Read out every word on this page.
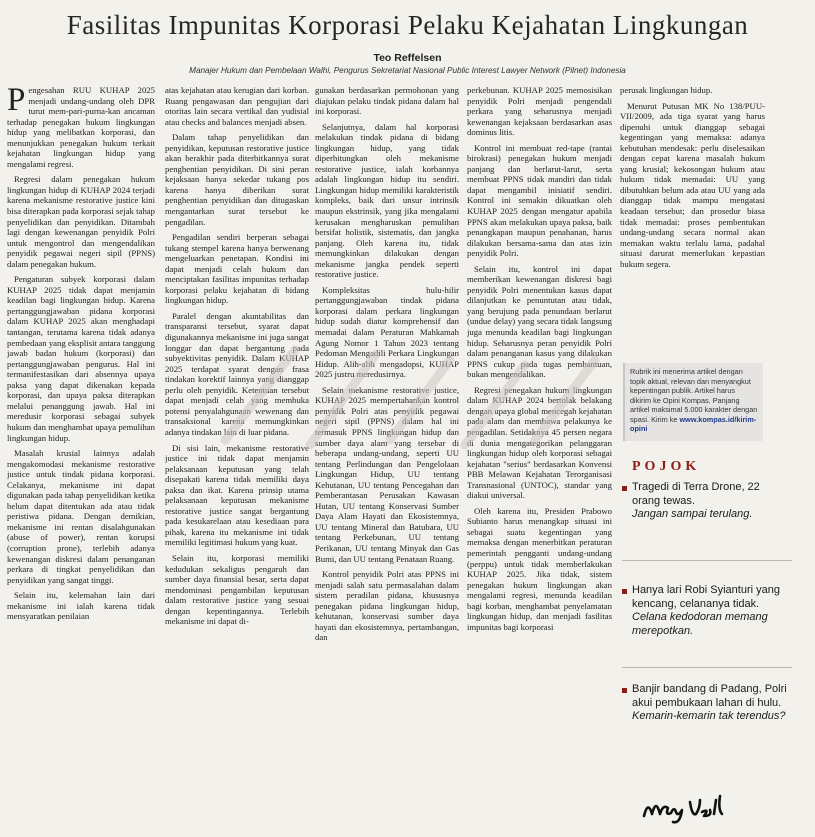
Fasilitas Impunitas Korporasi Pelaku Kejahatan Lingkungan
Teo Reffelsen
Manajer Hukum dan Pembelaan Walhi, Pengurus Sekretariat Nasional Public Interest Lawyer Network (Pilnet) Indonesia

Pengesahan RUU KUHAP 2025 menjadi undang-undang oleh DPR turut mem-pari-purna-kan ancaman terhadap penegakan hukum lingkungan hidup yang melibatkan korporasi, dan menunjukkan penegakan hukum terkait kejahatan lingkungan hidup yang mengalami regresi.

Regresi dalam penegakan hukum lingkungan hidup di KUHAP 2024 terjadi karena mekanisme restorative justice kini bisa diterapkan pada korporasi sejak tahap penyelidikan dan penyidikan. Ditambah lagi dengan kewenangan penyidik Polri untuk mengontrol dan mengendalikan penyidik pegawai negeri sipil (PPNS) dalam penegakan hukum.

Pengaturan subyek korporasi dalam KUHAP 2025 tidak dapat menjamin keadilan bagi lingkungan hidup. Karena pertanggungjawaban pidana korporasi dalam KUHAP 2025 akan menghadapi tantangan, terutama karena tidak adanya pembedaan yang eksplisit antara tanggung jawab badan hukum (korporasi) dan pertanggungjawaban pengurus. Hal ini termanifestasikan dari absennya upaya paksa yang dapat dikenakan kepada korporasi, dan upaya paksa diterapkan melalui penanggung jawab. Hal ini meredusir korporasi sebagai subyek hukum dan menghambat upaya pemulihan lingkungan hidup.

Masalah krusial lainnya adalah mengakomodasi mekanisme restorative justice untuk tindak pidana korporasi. Celakanya, mekanisme ini dapat digunakan pada tahap penyelidikan ketika belum dapat ditentukan ada atau tidak peristiwa pidana. Dengan demikian, mekanisme ini rentan disalahgunakan (abuse of power), rentan korupsi (corruption prone), terlebih adanya kewenangan diskresi dalam penanganan perkara di tingkat penyelidikan dan penyidikan yang sangat tinggi.

Selain itu, kelemahan lain dari mekanisme ini ialah karena tidak mensyaratkan penilaian

atas kejahatan atau kerugian dari korban. Ruang pengawasan dan pengujian dari otoritas lain secara vertikal dan yudisial atau checks and balances menjadi absen.

Dalam tahap penyelidikan dan penyidikan, keputusan restorative justice akan berakhir pada diterbitkannya surat penghentian penyidikan. Di sini peran kejaksaan hanya sekedar tukang pos karena hanya diberikan surat penghentian penyidikan dan ditugaskan mengantarkan surat tersebut ke pengadilan.

Pengadilan sendiri berperan sebagai tukang stempel karena hanya berwenang mengeluarkan penetapan. Kondisi ini dapat menjadi celah hukum dan menciptakan fasilitas impunitas terhadap korporasi pelaku kejahatan di bidang lingkungan hidup.

Paralel dengan akuntabilitas dan transparansi tersebut, syarat dapat digunakannya mekanisme ini juga sangat longgar dan dapat bergantung pada subyektivitas penyidik. Dalam KUHAP 2025 terdapat syarat dengan frasa tindakan korektif lainnya yang dianggap perlu oleh penyidik. Ketentuan tersebut dapat menjadi celah yang membuka potensi penyalahgunaan wewenang dan transaksional karena memungkinkan adanya tindakan lain di luar pidana.

Di sisi lain, mekanisme restorative justice ini tidak dapat menjamin pelaksanaan keputusan yang telah disepakati karena tidak memiliki daya paksa dan ikat. Karena prinsip utama pelaksanaan keputusan mekanisme restorative justice sangat bergantung pada kesukarelaan atau kesediaan para pihak, karena itu mekanisme ini tidak memiliki legitimasi hukum yang kuat.

Selain itu, korporasi memiliki kedudukan sekaligus pengaruh dan sumber daya finansial besar, serta dapat mendominasi pengambilan keputusan dalam restorative justice yang sesuai dengan kepentingannya. Terlebih mekanisme ini dapat di-

gunakan berdasarkan permohonan yang diajukan pelaku tindak pidana dalam hal ini korporasi.

Selanjutnya, dalam hal korporasi melakukan tindak pidana di bidang lingkungan hidup, yang tidak diperhitungkan oleh mekanisme restorative justice, ialah korbannya adalah lingkungan hidup itu sendiri. Lingkungan hidup memiliki karakteristik kompleks, baik dari unsur intrinsik maupun ekstrinsik, yang jika mengalami kerusakan mengharuskan pemulihan bersifat holistik, sistematis, dan jangka panjang. Oleh karena itu, tidak memungkinkan dilakukan dengan mekanisme jangka pendek seperti restorative justice.

Kompleksitas hulu-hilir pertanggungjawaban tindak pidana korporasi dalam perkara lingkungan hidup sudah diatur komprehensif dan memadai dalam Peraturan Mahkamah Agung Nomor 1 Tahun 2023 tentang Pedoman Mengadili Perkara Lingkungan Hidup. Alih-alih mengadopsi, KUHAP 2025 justru meredusirnya.

Selain mekanisme restorative justice, KUHAP 2025 mempertahankan kontrol penyidik Polri atas penyidik pegawai negeri sipil (PPNS) dalam hal ini termasuk PPNS lingkungan hidup dan sumber daya alam yang tersebar di beberapa undang-undang, seperti UU tentang Perlindungan dan Pengelolaan Lingkungan Hidup, UU tentang Kehutanan, UU tentang Pencegahan dan Pemberantasan Perusakan Kawasan Hutan, UU tentang Konservasi Sumber Daya Alam Hayati dan Ekosistemnya, UU tentang Mineral dan Batubara, UU tentang Perkebunan, UU tentang Perikanan, UU tentang Minyak dan Gas Bumi, dan UU tentang Penataan Ruang.

Kontrol penyidik Polri atas PPNS ini menjadi salah satu permasalahan dalam sistem peradilan pidana, khususnya penegakan pidana lingkungan hidup, kehutanan, konservasi sumber daya hayati dan ekosistemnya, pertambangan, dan

perkebunan. KUHAP 2025 memosisikan penyidik Polri menjadi pengendali perkara yang seharusnya menjadi kewenangan kejaksaan berdasarkan asas dominus litis.

Kontrol ini membuat red-tape (rantai birokrasi) penegakan hukum menjadi panjang dan berlarut-larut, serta membuat PPNS tidak mandiri dan tidak dapat mengambil inisiatif sendiri. Kontrol ini semakin dikuatkan oleh KUHAP 2025 dengan mengatur apabila PPNS akan melakukan upaya paksa, baik penangkapan maupun penahanan, harus dilakukan bersama-sama dan atas izin penyidik Polri.

Selain itu, kontrol ini dapat memberikan kewenangan diskresi bagi penyidik Polri menentukan kasus dapat dilanjutkan ke penuntutan atau tidak, yang berujung pada penundaan berlarut (undue delay) yang secara tidak langsung juga menunda keadilan bagi lingkungan hidup. Seharusnya peran penyidik Polri dalam penanganan kasus yang dilakukan PPNS cukup pada tugas pembantuan, bukan mengendalikan.

Regresi penegakan hukum lingkungan dalam KUHAP 2024 bertolak belakang dengan upaya global mencegah kejahatan pada alam dan membawa pelakunya ke pengadilan. Setidaknya 45 persen negara di dunia mengategorikan pelanggaran lingkungan hidup oleh korporasi sebagai kejahatan "serius" berdasarkan Konvensi PBB Melawan Kejahatan Terorganisasi Transnasional (UNTOC), standar yang diakui universal.

Oleh karena itu, Presiden Prabowo Subianto harus menangkap situasi ini sebagai suatu kegentingan yang memaksa dengan menerbitkan peraturan pemerintah pengganti undang-undang (perppu) untuk tidak memberlakukan KUHAP 2025. Jika tidak, sistem penegakan hukum lingkungan akan mengalami regresi, menunda keadilan bagi korban, menghambat penyelamatan lingkungan hidup, dan menjadi fasilitas impunitas bagi korporasi

perusak lingkungan hidup.

Menurut Putusan MK No 138/PUU-VII/2009, ada tiga syarat yang harus dipenuhi untuk dianggap sebagai kegentingan yang memaksa: adanya kebutuhan mendesak: perlu diselesaikan dengan cepat karena masalah hukum yang krusial; kekosongan hukum atau hukum tidak memadai: UU yang dibutuhkan belum ada atau UU yang ada dianggap tidak mampu mengatasi keadaan tersebut; dan prosedur biasa tidak memadai: proses pembentukan undang-undang secara normal akan memakan waktu terlalu lama, padahal situasi darurat memerlukan kepastian hukum segera.

Rubrik ini menerima artikel dengan topik aktual, relevan dan menyangkut kepentingan publik. Artikel harus dikirim ke Opini Kompas. Panjang artikel maksimal 5.000 karakter dengan spasi. Kirim ke www.kompas.id/kirim-opini
POJOK
Tragedi di Terra Drone, 22 orang tewas.
Jangan sampai terulang.
Hanya lari Robi Syianturi yang kencang, celananya tidak.
Celana kedodoran memang merepotkan.
Banjir bandang di Padang, Polri akui pembukaan lahan di hulu.
Kemarin-kemarin tak terendus?
